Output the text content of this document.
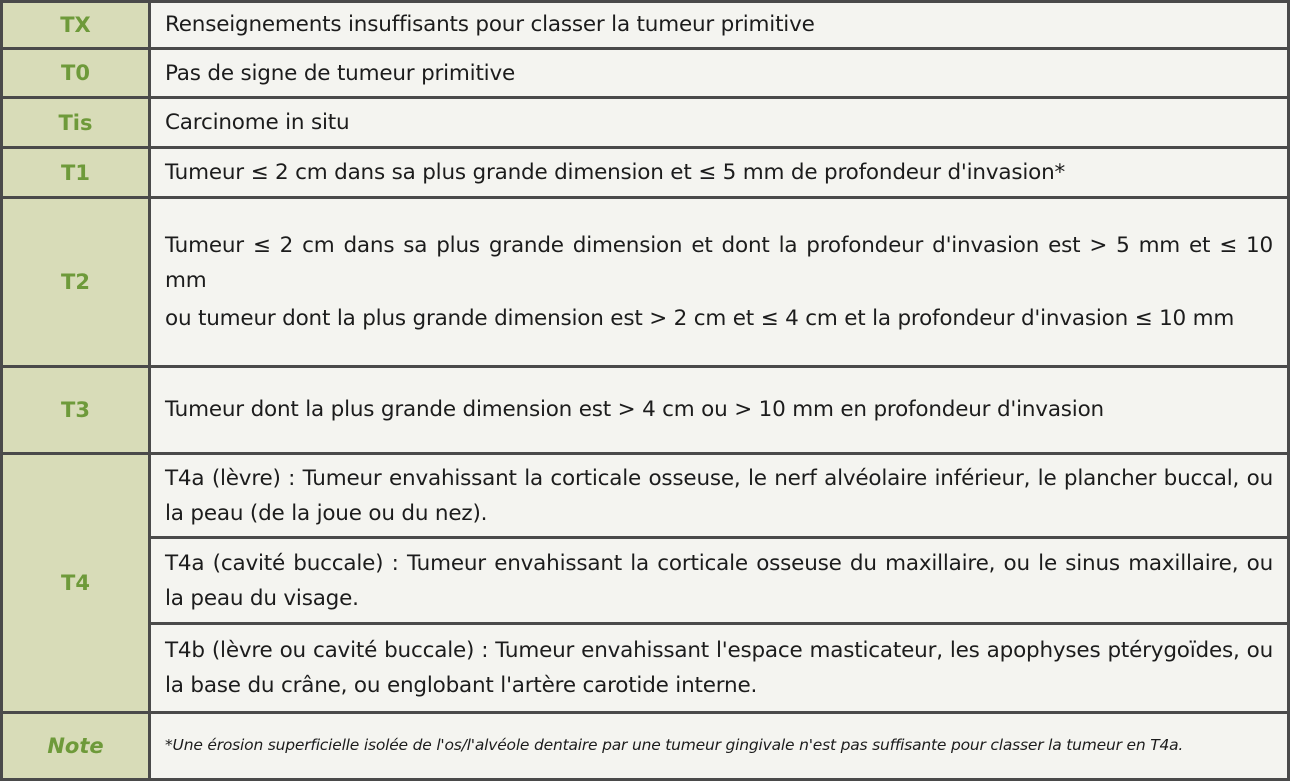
TX	Renseignements insuffisants pour classer la tumeur primitive

T0	Pas de signe de tumeur primitive

Tis	Carcinome in situ

T1	Tumeur ≤ 2 cm dans sa plus grande dimension et ≤ 5 mm de profondeur d'invasion*

T2	Tumeur ≤ 2 cm dans sa plus grande dimension et dont la profondeur d'invasion est > 5 mm et ≤ 10 mm

ou tumeur dont la plus grande dimension est > 2 cm et ≤ 4 cm et la profondeur d'invasion ≤ 10 mm

T3	Tumeur dont la plus grande dimension est > 4 cm ou > 10 mm en profondeur d'invasion

T4	T4a (lèvre) : Tumeur envahissant la corticale osseuse, le nerf alvéolaire inférieur, le plancher buccal, ou la peau (de la joue ou du nez).

	T4a (cavité buccale) : Tumeur envahissant la corticale osseuse du maxillaire, ou le sinus maxillaire, ou la peau du visage.

	T4b (lèvre ou cavité buccale) : Tumeur envahissant l'espace masticateur, les apophyses ptérygoïdes, ou la base du crâne, ou englobant l'artère carotide interne.

Note	*Une érosion superficielle isolée de l'os/l'alvéole dentaire par une tumeur gingivale n'est pas suffisante pour classer la tumeur en T4a.
